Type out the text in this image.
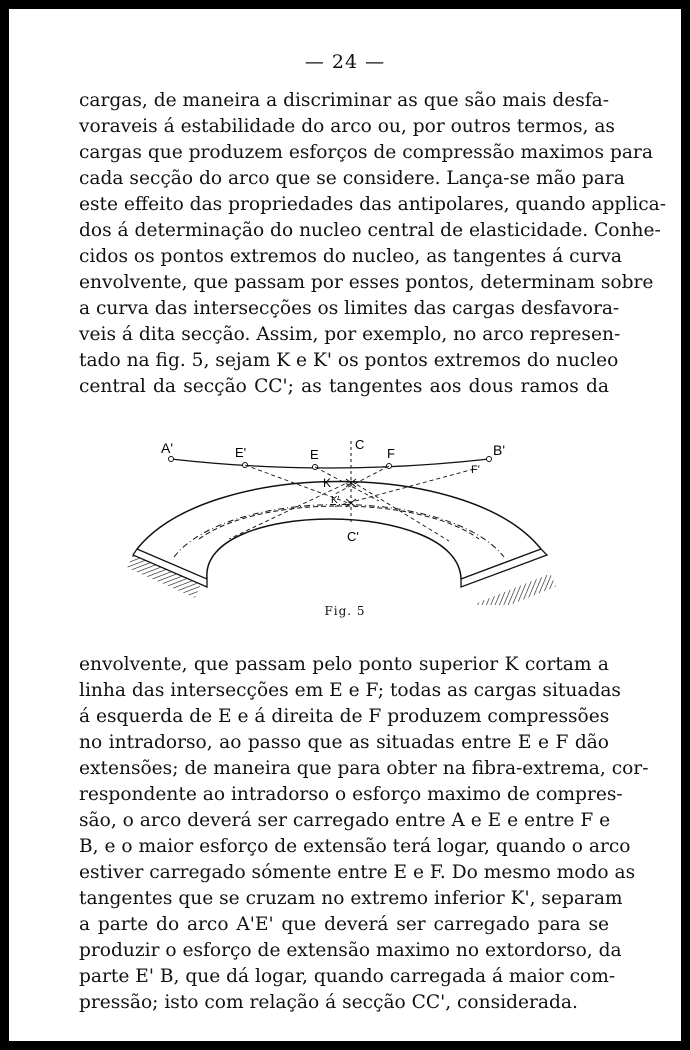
— 24 —
cargas, de maneira a discriminar as que são mais desfa-
voraveis á estabilidade do arco ou, por outros termos, as
cargas que produzem esforços de compressão maximos para
cada secção do arco que se considere. Lança-se mão para
este effeito das propriedades das antipolares, quando applica-
dos á determinação do nucleo central de elasticidade. Conhe-
cidos os pontos extremos do nucleo, as tangentes á curva
envolvente, que passam por esses pontos, determinam sobre
a curva das intersecções os limites das cargas desfavora-
veis á dita secção. Assim, por exemplo, no arco represen-
tado na fig. 5, sejam K e K' os pontos extremos do nucleo
central da secção CC'; as tangentes aos dous ramos da
A'	E'	E
C
F	B'
F'
K
K'
C'
Fig. 5
envolvente, que passam pelo ponto superior K cortam a
linha das intersecções em E e F; todas as cargas situadas
á esquerda de E e á direita de F produzem compressões
no intradorso, ao passo que as situadas entre E e F dão
extensões; de maneira que para obter na fibra-extrema, cor-
respondente ao intradorso o esforço maximo de compres-
são, o arco deverá ser carregado entre A e E e entre F e
B, e o maior esforço de extensão terá logar, quando o arco
estiver carregado sómente entre E e F. Do mesmo modo as
tangentes que se cruzam no extremo inferior K', separam
a parte do arco A'E' que deverá ser carregado para se
produzir o esforço de extensão maximo no extordorso, da
parte E' B, que dá logar, quando carregada á maior com-
pressão; isto com relação á secção CC', considerada.
